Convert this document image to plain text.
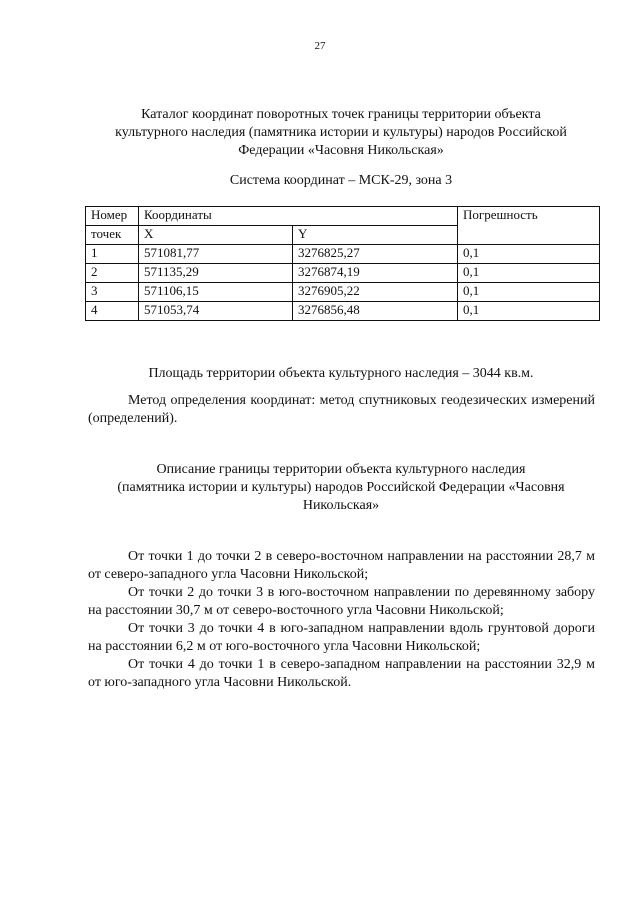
27
Каталог координат поворотных точек границы территории объекта
культурного наследия (памятника истории и культуры) народов Российской
Федерации «Часовня Никольская»
Система координат – МСК-29, зона 3
Номер	Координаты		Погрешность
точек	X	Y	
1	571081,77	3276825,27	0,1
2	571135,29	3276874,19	0,1
3	571106,15	3276905,22	0,1
4	571053,74	3276856,48	0,1
Площадь территории объекта культурного наследия – 3044 кв.м.
Метод определения координат: метод спутниковых геодезических измерений (определений).
Описание границы территории объекта культурного наследия
(памятника истории и культуры) народов Российской Федерации «Часовня
Никольская»

От точки 1 до точки 2 в северо-восточном направлении на расстоянии 28,7 м от северо-западного угла Часовни Никольской;

От точки 2 до точки 3 в юго-восточном направлении по деревянному забору на расстоянии 30,7 м от северо-восточного угла Часовни Никольской;

От точки 3 до точки 4 в юго-западном направлении вдоль грунтовой дороги на расстоянии 6,2 м от юго-восточного угла Часовни Никольской;

От точки 4 до точки 1 в северо-западном направлении на расстоянии 32,9 м от юго-западного угла Часовни Никольской.
